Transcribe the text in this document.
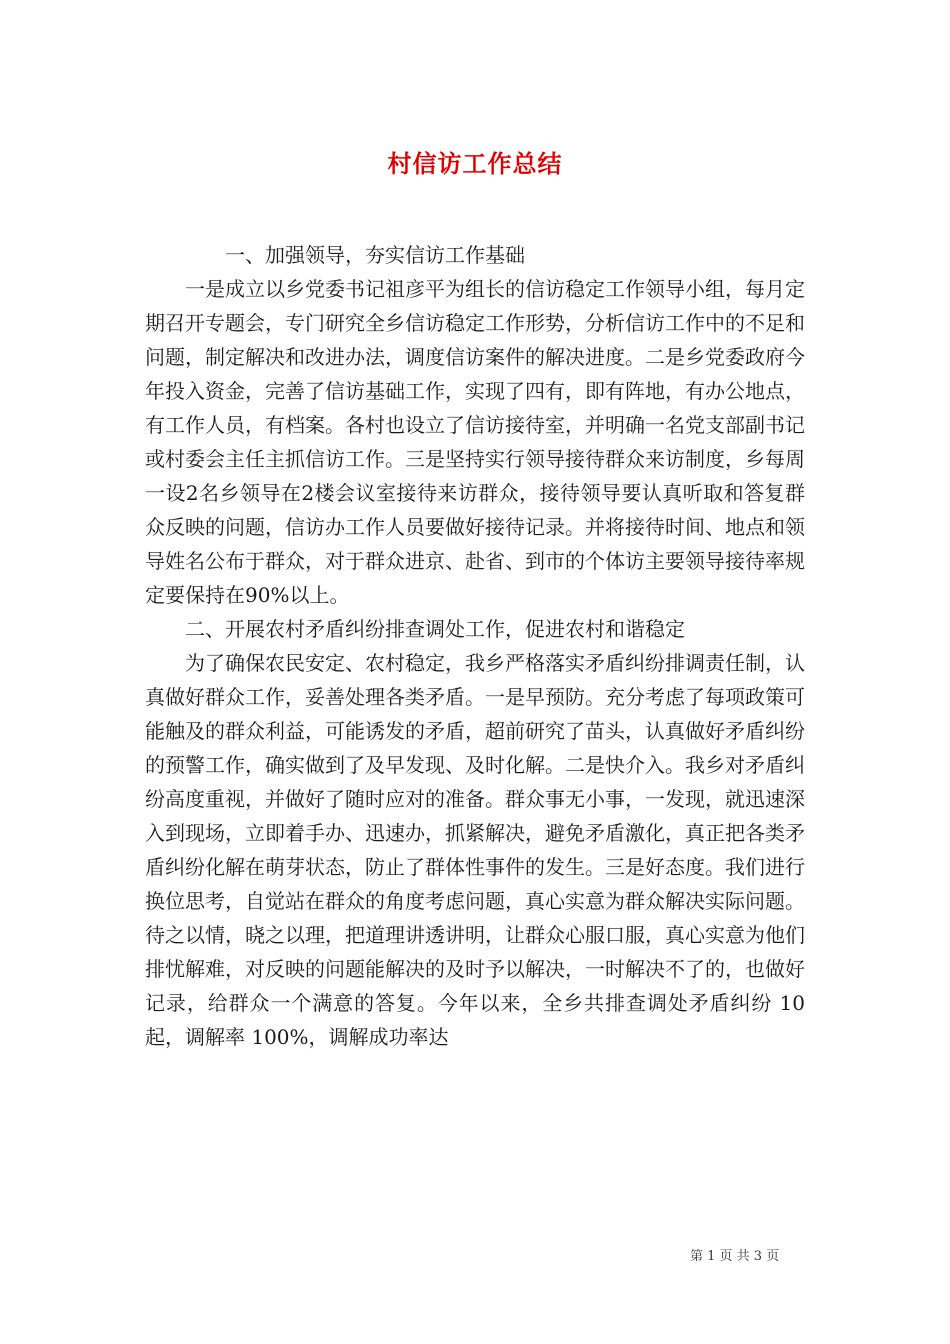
村信访工作总结

一、加强领导，夯实信访工作基础

一是成立以乡党委书记祖彦平为组长的信访稳定工作领导小组，每月定期召开专题会，专门研究全乡信访稳定工作形势，分析信访工作中的不足和问题，制定解决和改进办法，调度信访案件的解决进度。二是乡党委政府今年投入资金，完善了信访基础工作，实现了四有，即有阵地，有办公地点，有工作人员，有档案。各村也设立了信访接待室，并明确一名党支部副书记或村委会主任主抓信访工作。三是坚持实行领导接待群众来访制度，乡每周一设2名乡领导在2楼会议室接待来访群众，接待领导要认真听取和答复群众反映的问题，信访办工作人员要做好接待记录。并将接待时间、地点和领导姓名公布于群众，对于群众进京、赴省、到市的个体访主要领导接待率规定要保持在90%以上。

二、开展农村矛盾纠纷排查调处工作，促进农村和谐稳定

为了确保农民安定、农村稳定，我乡严格落实矛盾纠纷排调责任制，认真做好群众工作，妥善处理各类矛盾。一是早预防。充分考虑了每项政策可能触及的群众利益，可能诱发的矛盾，超前研究了苗头，认真做好矛盾纠纷的预警工作，确实做到了及早发现、及时化解。二是快介入。我乡对矛盾纠纷高度重视，并做好了随时应对的准备。群众事无小事，一发现，就迅速深入到现场，立即着手办、迅速办，抓紧解决，避免矛盾激化，真正把各类矛盾纠纷化解在萌芽状态，防止了群体性事件的发生。三是好态度。我们进行换位思考，自觉站在群众的角度考虑问题，真心实意为群众解决实际问题。待之以情，晓之以理，把道理讲透讲明，让群众心服口服，真心实意为他们排忧解难，对反映的问题能解决的及时予以解决，一时解决不了的，也做好记录，给群众一个满意的答复。今年以来，全乡共排查调处矛盾纠纷 10 起，调解率 100%，调解成功率达

第 1 页 共 3 页
